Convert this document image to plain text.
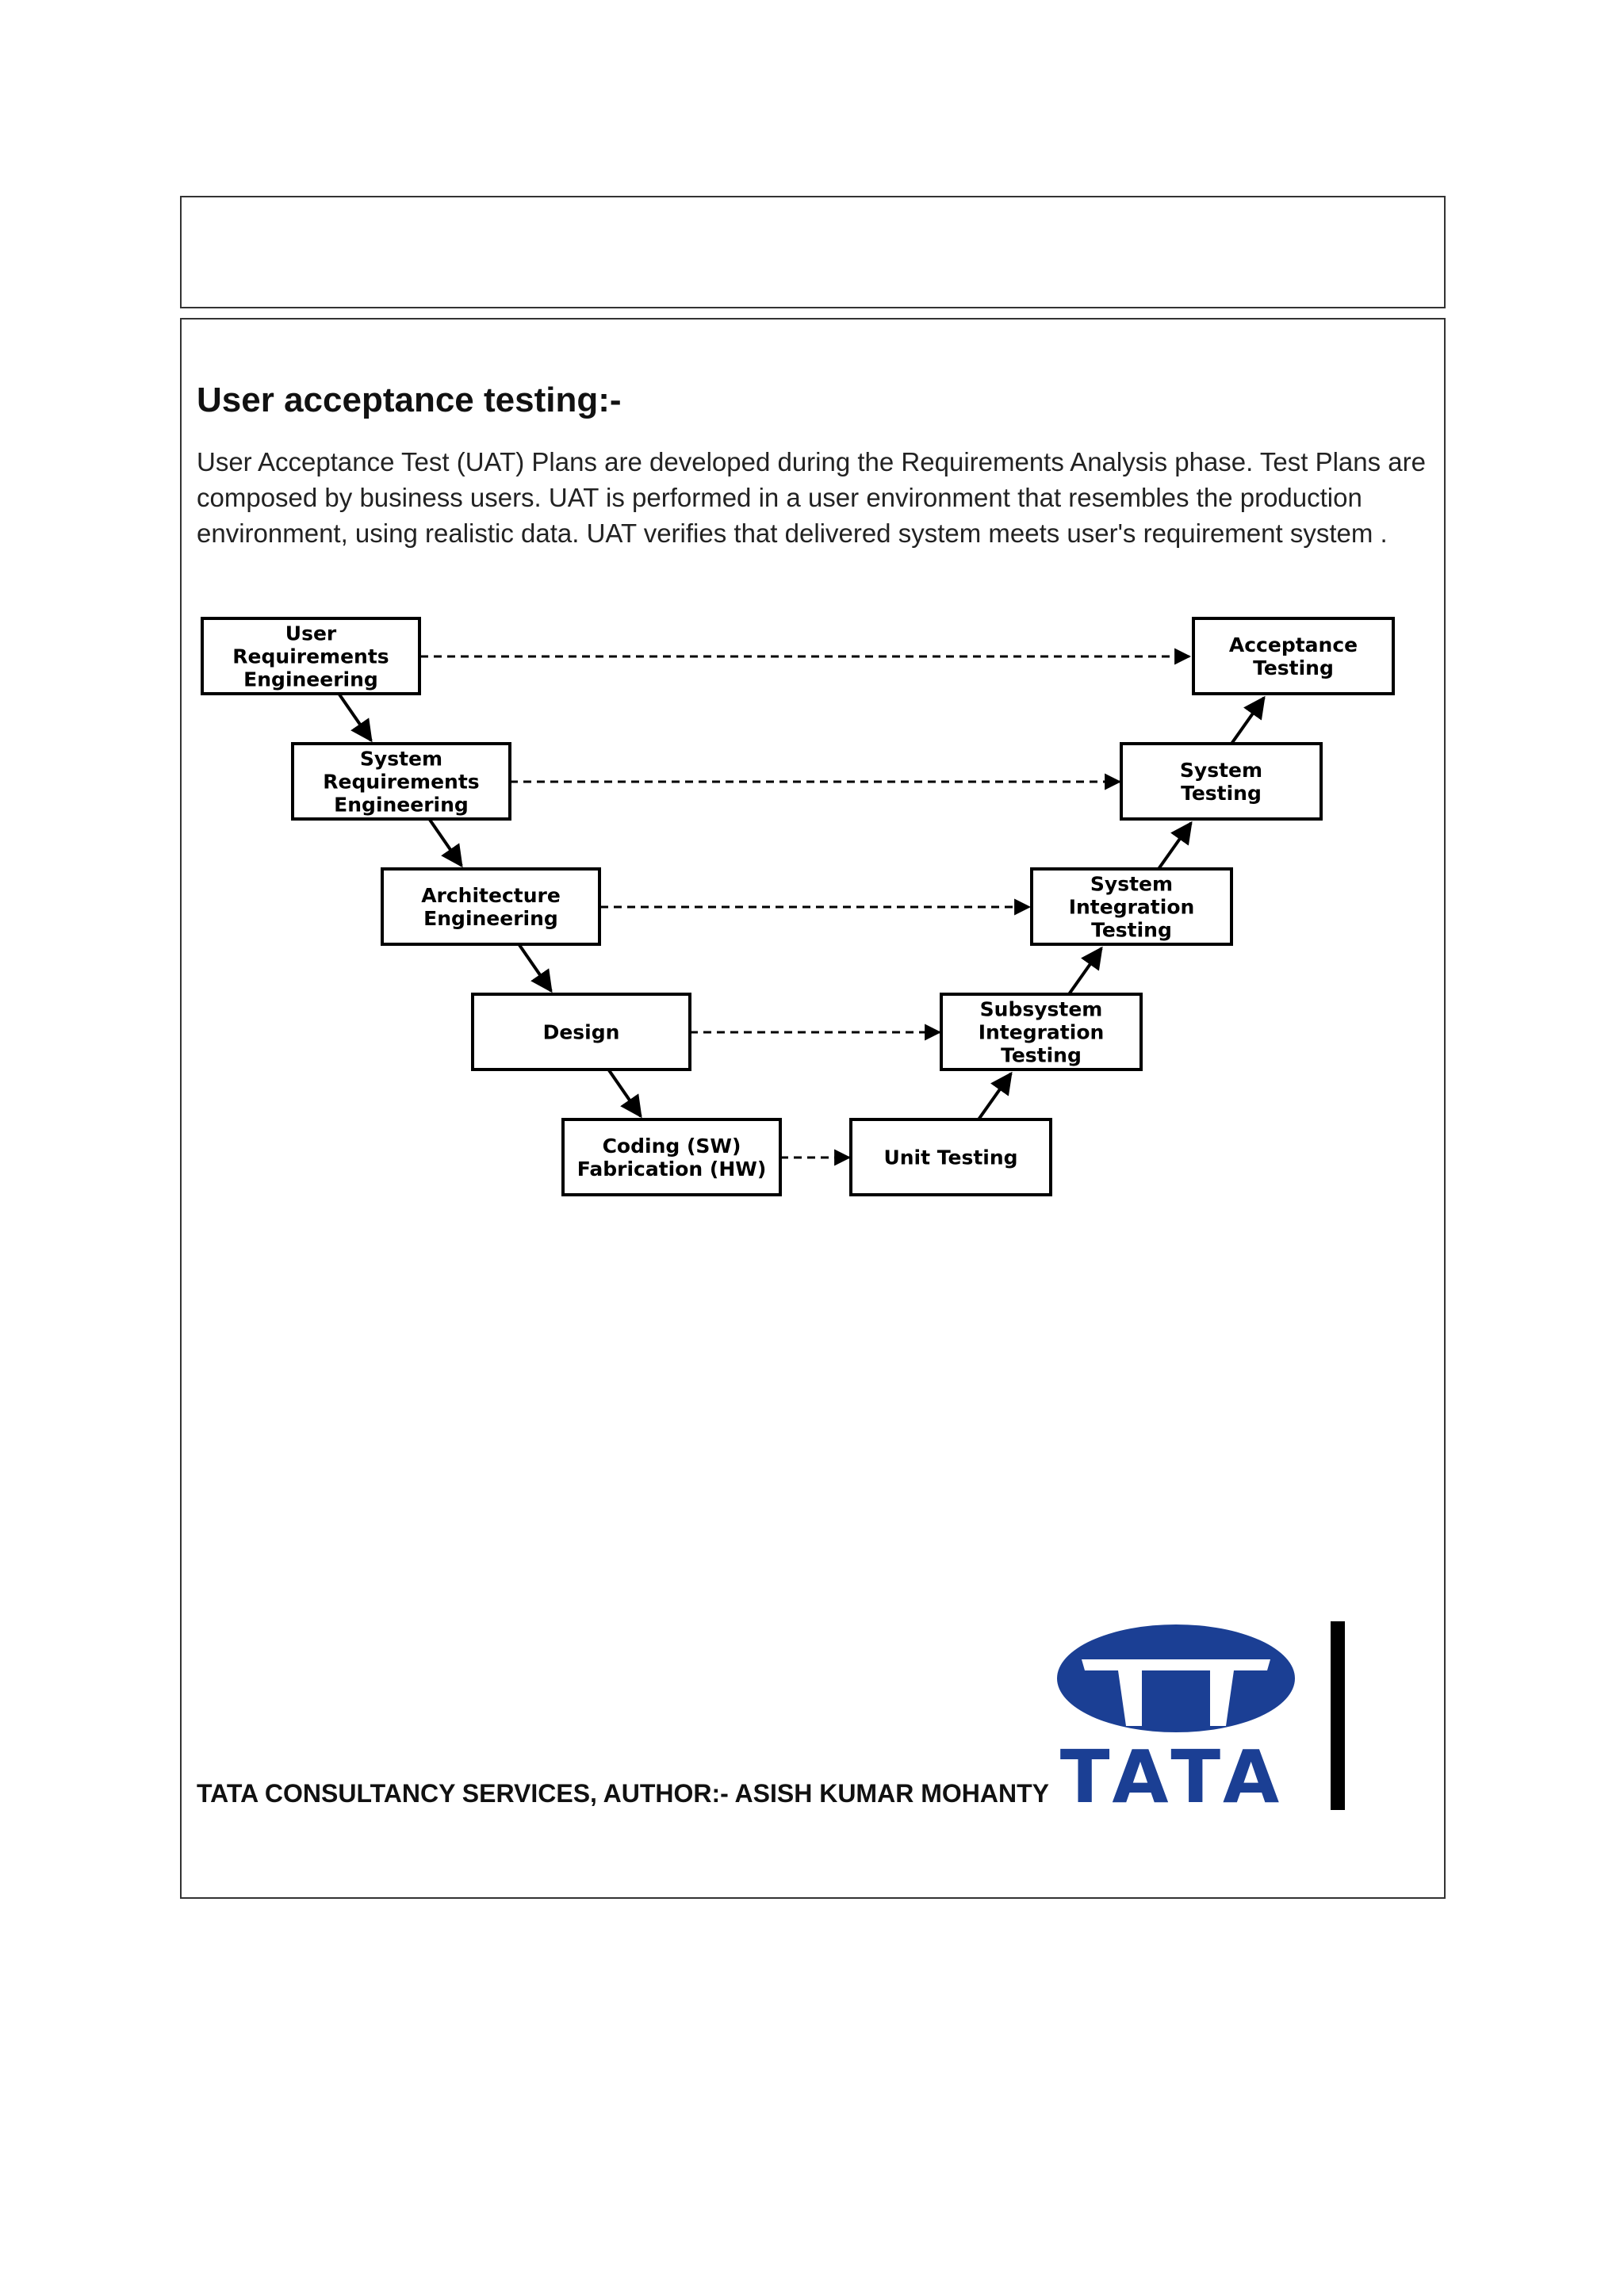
User acceptance testing:-

User Acceptance Test (UAT) Plans are developed during the Requirements Analysis phase. Test Plans are composed by business users. UAT is performed in a user environment that resembles the production environment, using realistic data. UAT verifies that delivered system meets user's requirement system .

User
Requirements
Engineering
System
Requirements
Engineering
Architecture
Engineering
Design
Coding (SW)
Fabrication (HW)
Acceptance
Testing
System
Testing
System
Integration
Testing
Subsystem
Integration
Testing
Unit Testing

TATA CONSULTANCY SERVICES, AUTHOR:- ASISH KUMAR MOHANTY TATA
